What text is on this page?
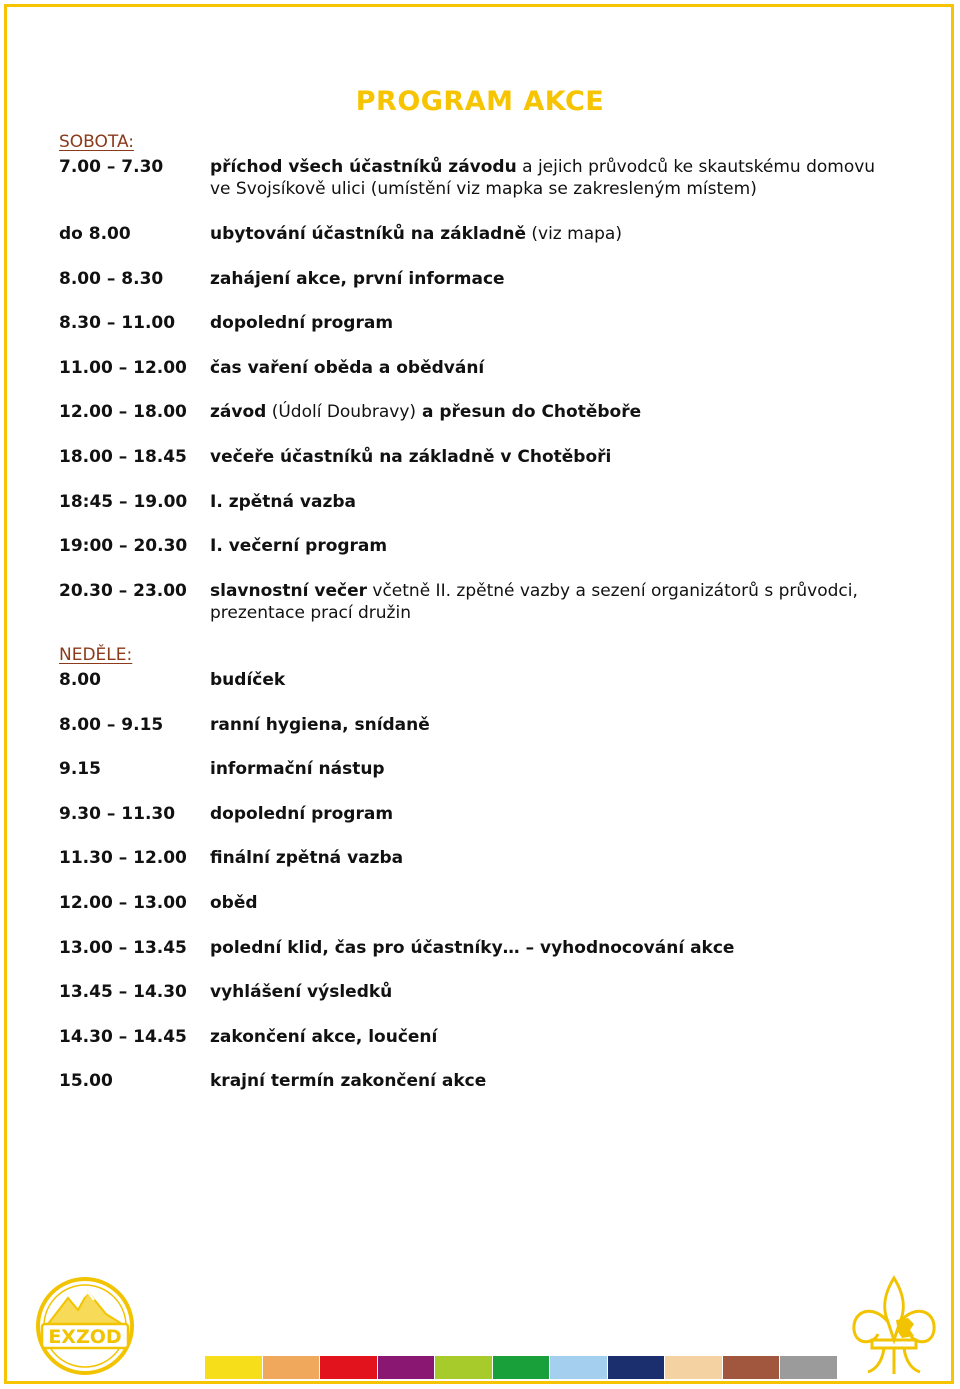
PROGRAM AKCE
SOBOTA:
7.00 – 7.30	příchod všech účastníků závodu a jejich průvodců ke skautskému domovu ve Svojsíkově ulici (umístění viz mapka se zakresleným místem)
do 8.00	ubytování účastníků na základně (viz mapa)
8.00 – 8.30	zahájení akce, první informace
8.30 – 11.00	dopolední program
11.00 – 12.00	čas vaření oběda a obědvání
12.00 – 18.00	závod (Údolí Doubravy) a přesun do Chotěboře
18.00 – 18.45	večeře účastníků na základně v Chotěboři
18:45 – 19.00	I. zpětná vazba
19:00 – 20.30	I. večerní program
20.30 – 23.00	slavnostní večer včetně II. zpětné vazby a sezení organizátorů s průvodci, prezentace prací družin
NEDĚLE:
8.00	budíček
8.00 – 9.15	ranní hygiena, snídaně
9.15	informační nástup
9.30 – 11.30	dopolední program
11.30 – 12.00	finální zpětná vazba
12.00 – 13.00	oběd
13.00 – 13.45	polední klid, čas pro účastníky… – vyhodnocování akce
13.45 – 14.30	vyhlášení výsledků
14.30 – 14.45	zakončení akce, loučení
15.00	krajní termín zakončení akce
EXZOD
